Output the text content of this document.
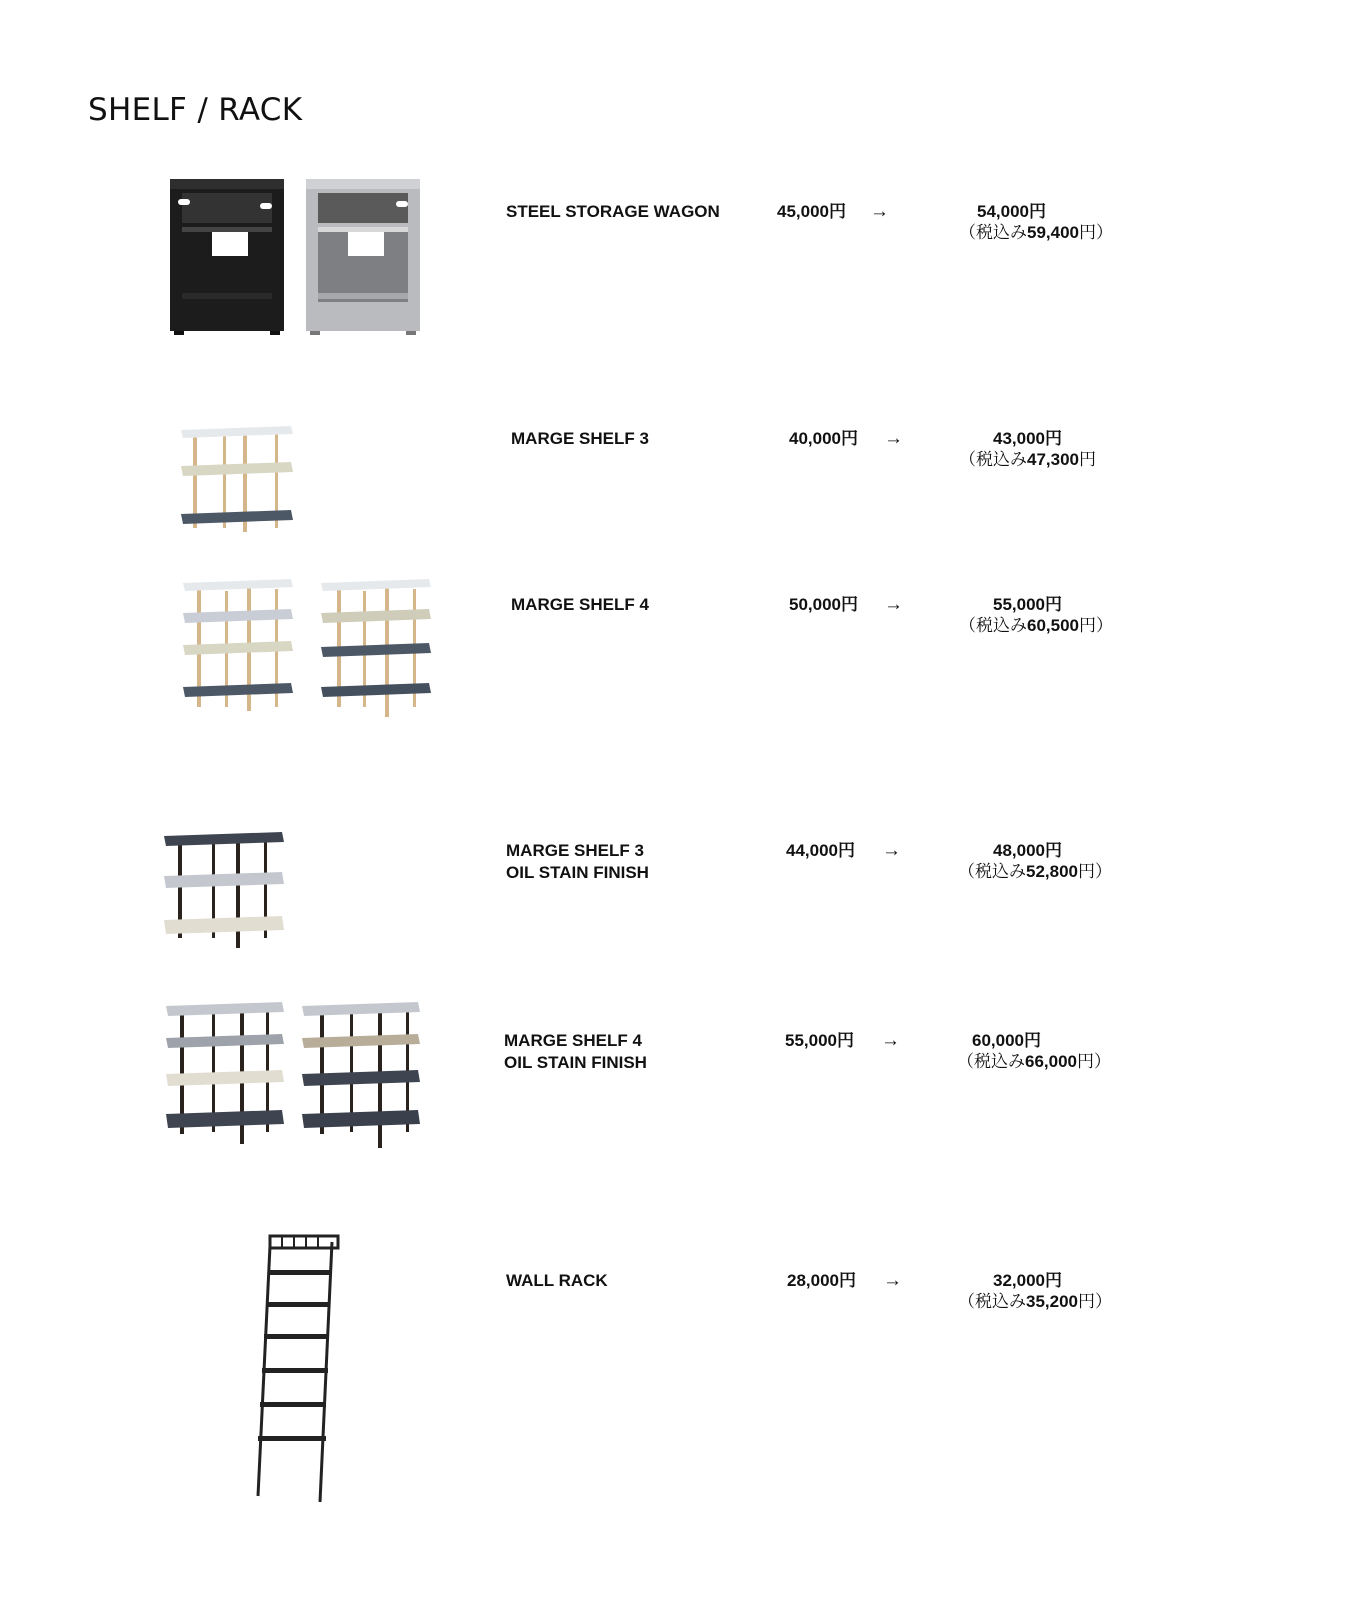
SHELF / RACK
STEEL STORAGE WAGON	45,000円 →	54,000円
（税込み59,400円）
MARGE SHELF 3	40,000円 →	43,000円
（税込み47,300円
MARGE SHELF 4	50,000円 →	55,000円
（税込み60,500円）
MARGE SHELF 3
OIL STAIN FINISH
44,000円 →	48,000円
（税込み52,800円）
MARGE SHELF 4
OIL STAIN FINISH
55,000円 →	60,000円
（税込み66,000円）
WALL RACK	28,000円 →	32,000円
（税込み35,200円）
